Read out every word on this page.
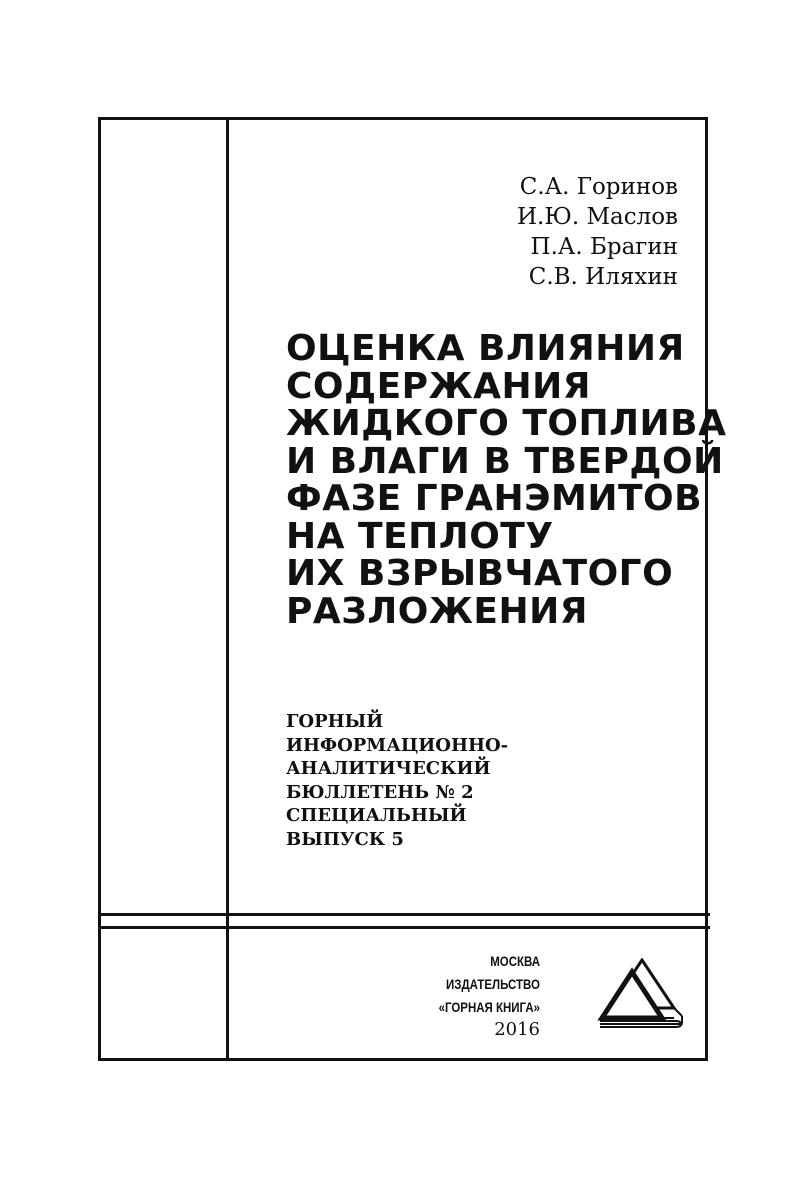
С.А. Горинов
И.Ю. Маслов
П.А. Брагин
С.В. Иляхин
ОЦЕНКА ВЛИЯНИЯ
СОДЕРЖАНИЯ
ЖИДКОГО ТОПЛИВА
И ВЛАГИ В ТВЕРДОЙ
ФАЗЕ ГРАНЭМИТОВ
НА ТЕПЛОТУ
ИХ ВЗРЫВЧАТОГО
РАЗЛОЖЕНИЯ
ГОРНЫЙ
ИНФОРМАЦИОННО-
АНАЛИТИЧЕСКИЙ
БЮЛЛЕТЕНЬ № 2
СПЕЦИАЛЬНЫЙ
ВЫПУСК 5
МОСКВА
ИЗДАТЕЛЬСТВО
«ГОРНАЯ КНИГА»
2016
